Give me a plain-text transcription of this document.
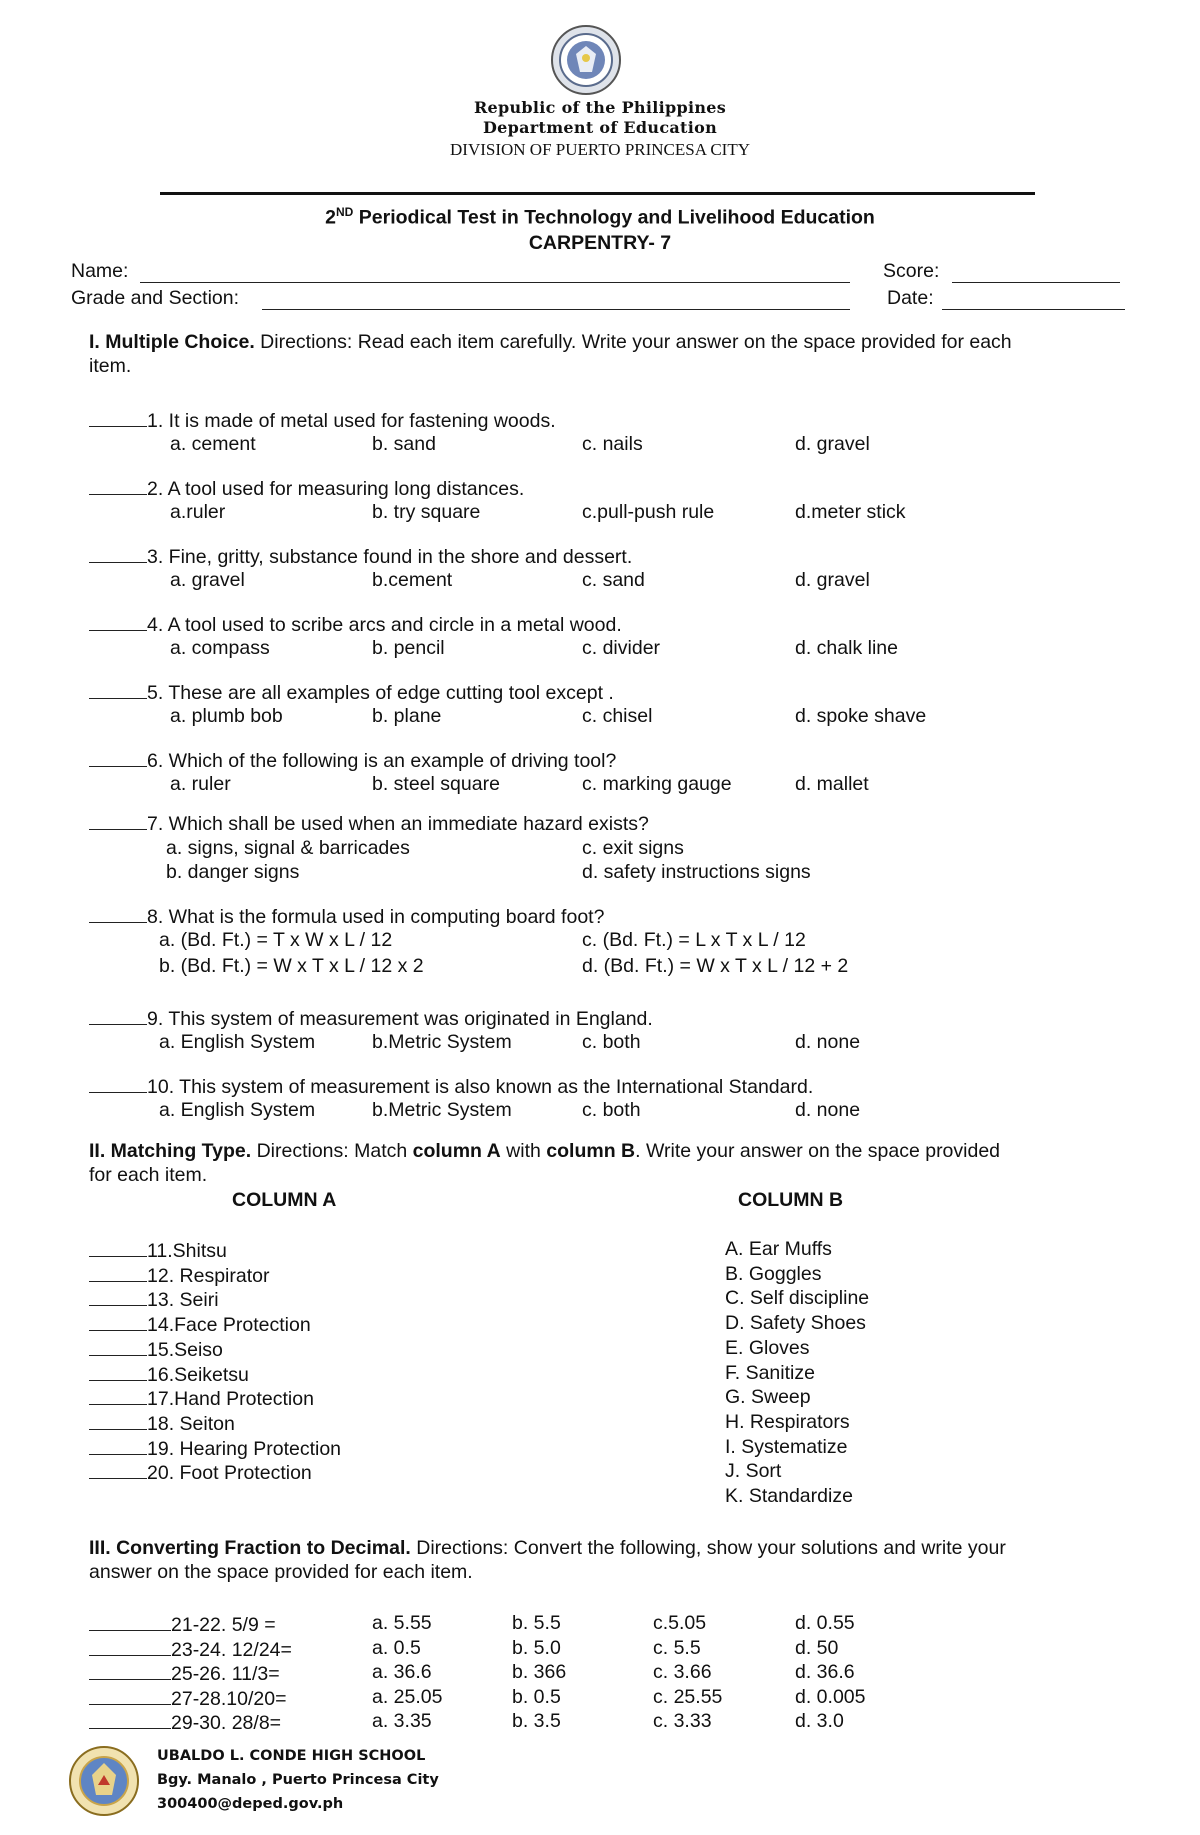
Republic of the Philippines
Department of Education
DIVISION OF PUERTO PRINCESA CITY
2ND Periodical Test in Technology and Livelihood Education
CARPENTRY- 7
Name:	Score:
Grade and Section:	Date:
I. Multiple Choice. Directions: Read each item carefully. Write your answer on the space provided for each
item.
1. It is made of metal used for fastening woods.
a. cement	b. sand	c. nails	d. gravel
2. A tool used for measuring long distances.
a.ruler	b. try square	c.pull-push rule	d.meter stick
3. Fine, gritty, substance found in the shore and dessert.
a. gravel	b.cement	c. sand	d. gravel
4. A tool used to scribe arcs and circle in a metal wood.
a. compass	b. pencil	c. divider	d. chalk line
5. These are all examples of edge cutting tool except .
a. plumb bob	b. plane	c. chisel	d. spoke shave
6. Which of the following is an example of driving tool?
a. ruler	b. steel square	c. marking gauge	d. mallet
7. Which shall be used when an immediate hazard exists?
a. signs, signal & barricades
b. danger signs
c. exit signs
d. safety instructions signs
8. What is the formula used in computing board foot?
a. (Bd. Ft.) = T x W x L / 12
b. (Bd. Ft.) = W x T x L / 12 x 2
c. (Bd. Ft.) = L x T x L / 12
d. (Bd. Ft.) = W x T x L / 12 + 2
9. This system of measurement was originated in England.
a. English System	b.Metric System	c. both	d. none
10. This system of measurement is also known as the International Standard.
a. English System	b.Metric System	c. both	d. none
II. Matching Type. Directions: Match column A with column B. Write your answer on the space provided
for each item.
COLUMN A	COLUMN B
11.Shitsu
12. Respirator
13. Seiri
14.Face Protection
15.Seiso
16.Seiketsu
17.Hand Protection
18. Seiton
19. Hearing Protection
20. Foot Protection
A. Ear Muffs
B. Goggles
C. Self discipline
D. Safety Shoes
E. Gloves
F. Sanitize
G. Sweep
H. Respirators
I. Systematize
J. Sort
K. Standardize
III. Converting Fraction to Decimal. Directions: Convert the following, show your solutions and write your
answer on the space provided for each item.
21-22. 5/9 =	a. 5.55	b. 5.5	c.5.05	d. 0.55
23-24. 12/24=	a. 0.5	b. 5.0	c. 5.5	d. 50
25-26. 11/3=	a. 36.6	b. 366	c. 3.66	d. 36.6
27-28.10/20=	a. 25.05	b. 0.5	c. 25.55	d. 0.005
29-30. 28/8=	a. 3.35	b. 3.5	c. 3.33	d. 3.0
UBALDO L. CONDE HIGH SCHOOL
Bgy. Manalo , Puerto Princesa City
300400@deped.gov.ph
